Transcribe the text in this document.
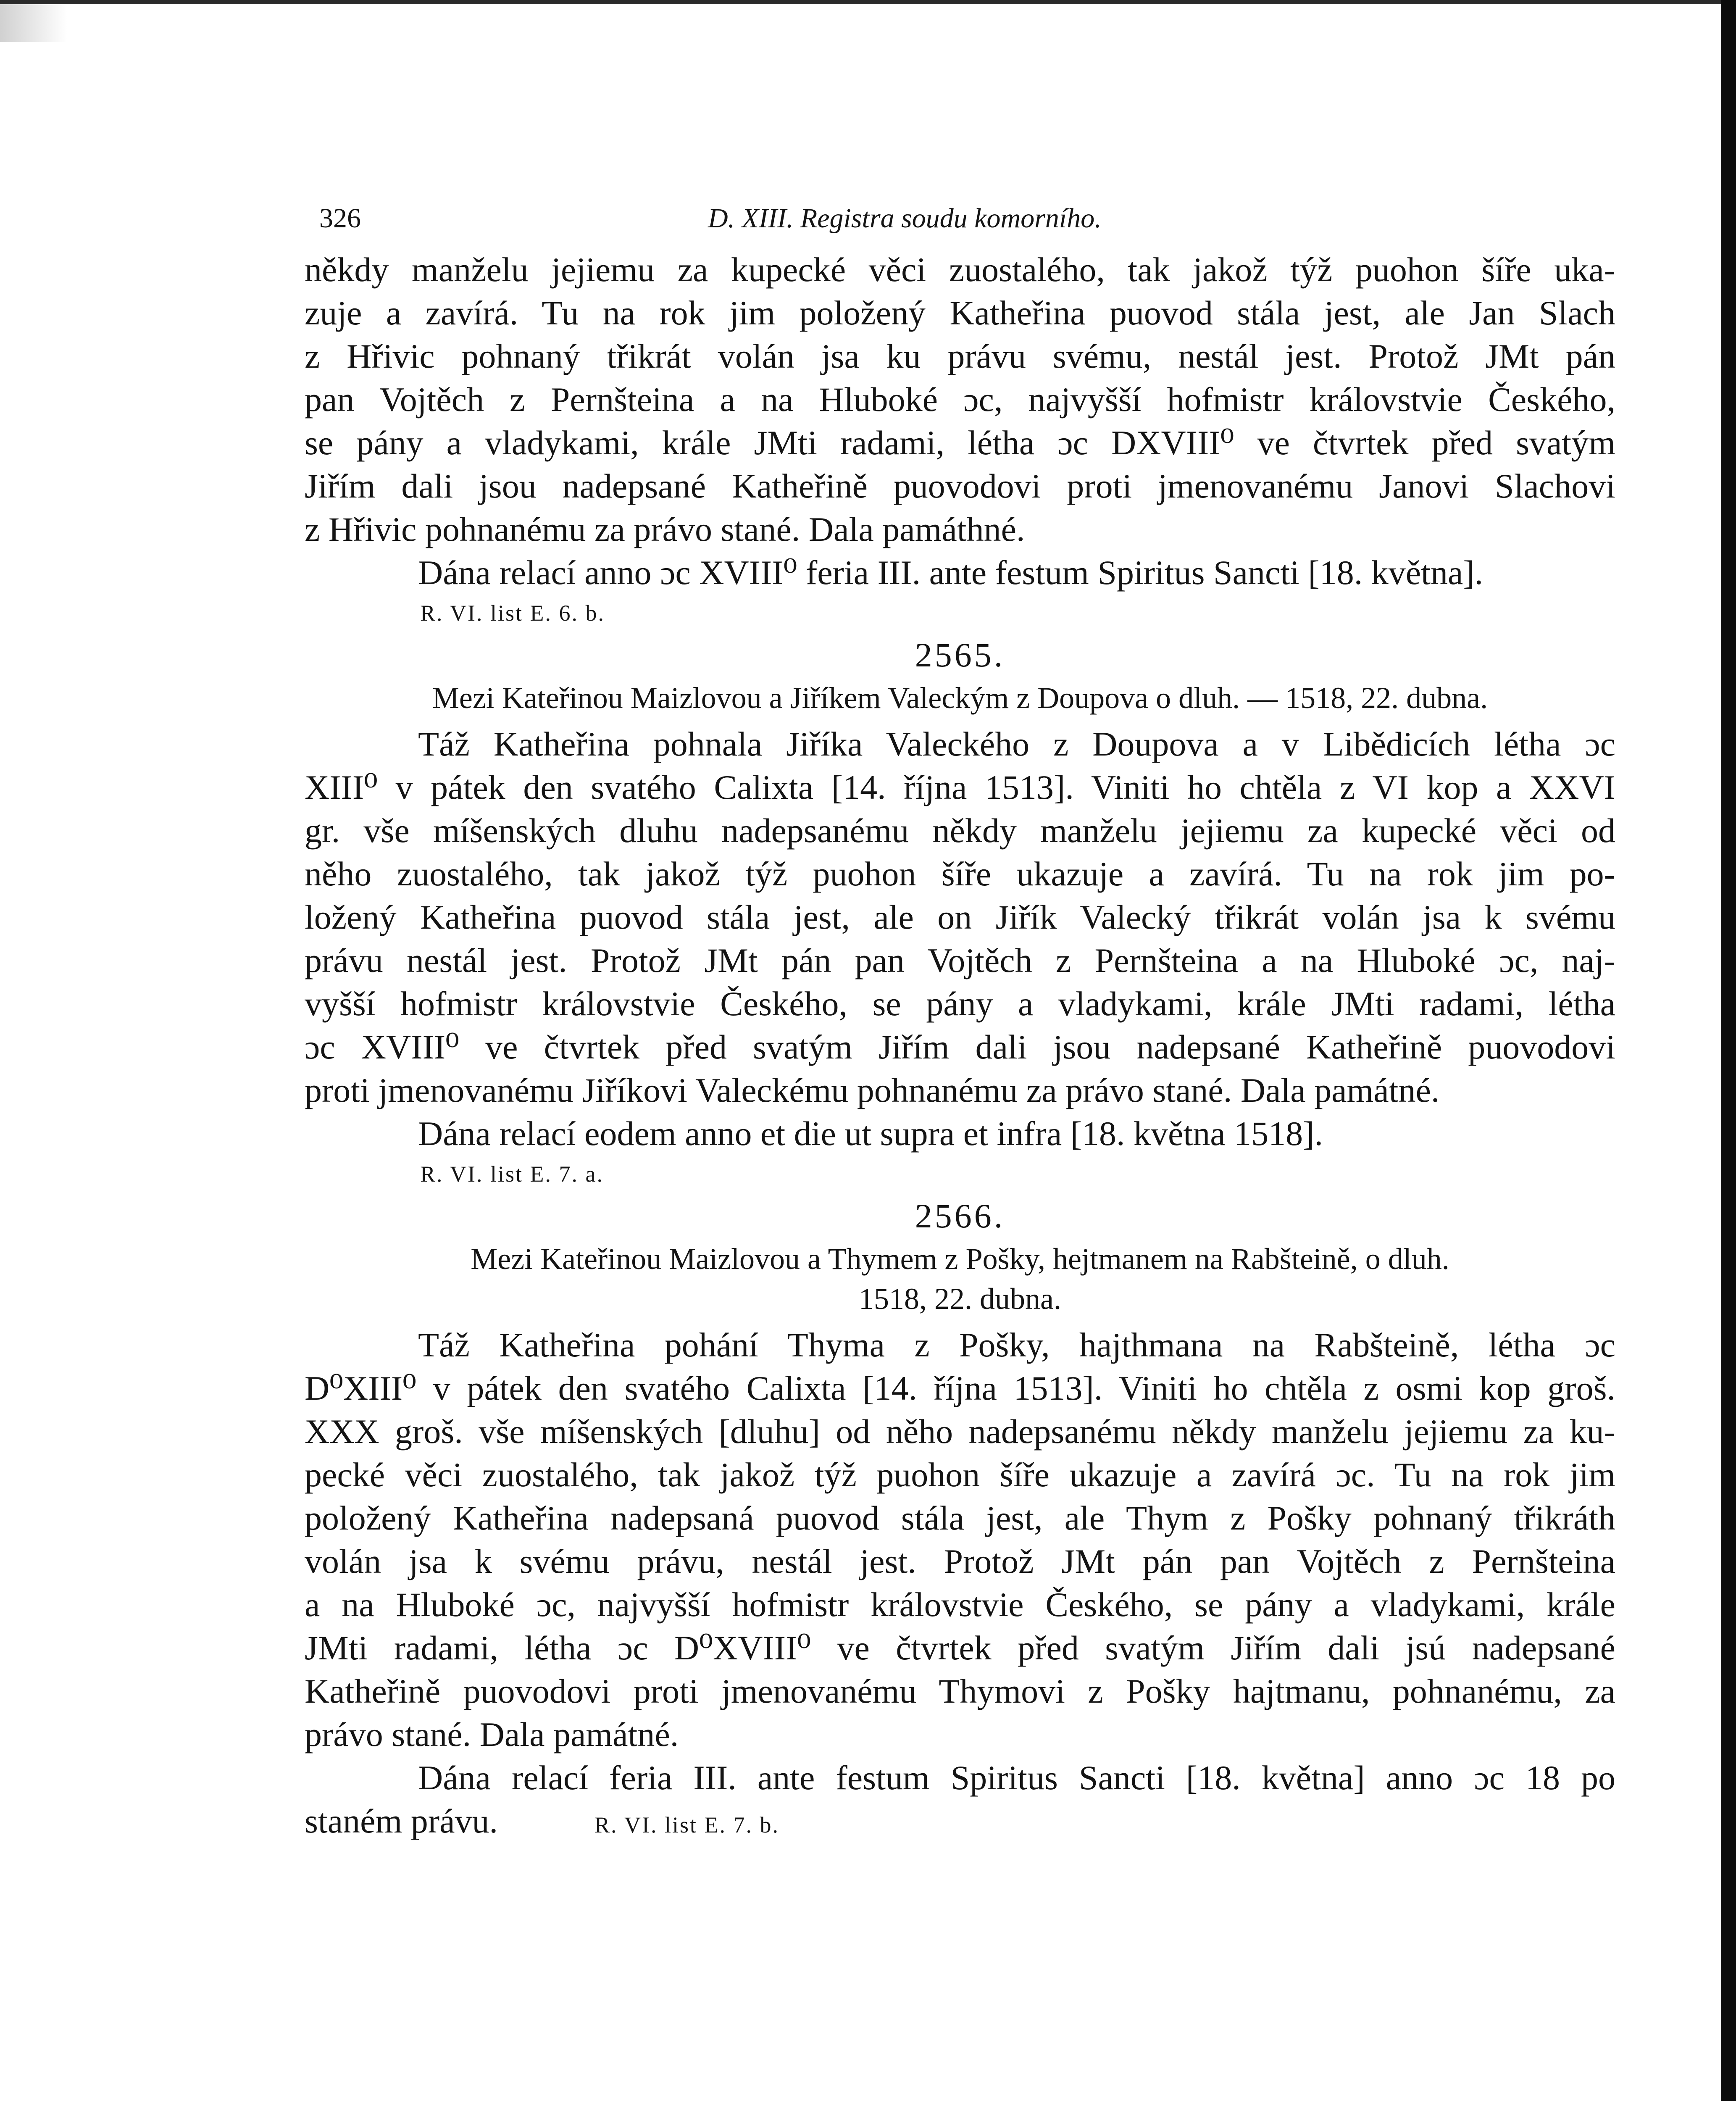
326	D. XIII. Registra soudu komorního.
někdy manželu jejiemu za kupecké věci zuostalého, tak jakož týž puohon šíře uka-
zuje a zavírá. Tu na rok jim položený Katheřina puovod stála jest, ale Jan Slach
z Hřivic pohnaný třikrát volán jsa ku právu svému, nestál jest. Protož JMt pán
pan Vojtěch z Pernšteina a na Hluboké ɔc, najvyšší hofmistr královstvie Českého,
se pány a vladykami, krále JMti radami, létha ɔc DXVIII⁰ ve čtvrtek před svatým
Jiřím dali jsou nadepsané Katheřině puovodovi proti jmenovanému Janovi Slachovi
z Hřivic pohnanému za právo stané. Dala památhné.
Dána relací anno ɔc XVIII⁰ feria III. ante festum Spiritus Sancti [18. května].
R. VI. list E. 6. b.
2565.
Mezi Kateřinou Maizlovou a Jiříkem Valeckým z Doupova o dluh. — 1518, 22. dubna.
Táž Katheřina pohnala Jiříka Valeckého z Doupova a v Libědicích létha ɔc
XIII⁰ v pátek den svatého Calixta [14. října 1513]. Viniti ho chtěla z VI kop a XXVI
gr. vše míšenských dluhu nadepsanému někdy manželu jejiemu za kupecké věci od
něho zuostalého, tak jakož týž puohon šíře ukazuje a zavírá. Tu na rok jim po-
ložený Katheřina puovod stála jest, ale on Jiřík Valecký třikrát volán jsa k svému
právu nestál jest. Protož JMt pán pan Vojtěch z Pernšteina a na Hluboké ɔc, naj-
vyšší hofmistr královstvie Českého, se pány a vladykami, krále JMti radami, létha
ɔc XVIII⁰ ve čtvrtek před svatým Jiřím dali jsou nadepsané Katheřině puovodovi
proti jmenovanému Jiříkovi Valeckému pohnanému za právo stané. Dala památné.
Dána relací eodem anno et die ut supra et infra [18. května 1518].
R. VI. list E. 7. a.
2566.
Mezi Kateřinou Maizlovou a Thymem z Pošky, hejtmanem na Rabšteině, o dluh.
1518, 22. dubna.
Táž Katheřina pohání Thyma z Pošky, hajthmana na Rabšteině, létha ɔc
D⁰XIII⁰ v pátek den svatého Calixta [14. října 1513]. Viniti ho chtěla z osmi kop groš.
XXX groš. vše míšenských [dluhu] od něho nadepsanému někdy manželu jejiemu za ku-
pecké věci zuostalého, tak jakož týž puohon šíře ukazuje a zavírá ɔc. Tu na rok jim
položený Katheřina nadepsaná puovod stála jest, ale Thym z Pošky pohnaný třikráth
volán jsa k svému právu, nestál jest. Protož JMt pán pan Vojtěch z Pernšteina
a na Hluboké ɔc, najvyšší hofmistr královstvie Českého, se pány a vladykami, krále
JMti radami, létha ɔc D⁰XVIII⁰ ve čtvrtek před svatým Jiřím dali jsú nadepsané
Katheřině puovodovi proti jmenovanému Thymovi z Pošky hajtmanu, pohnanému, za
právo stané. Dala památné.
Dána relací feria III. ante festum Spiritus Sancti [18. května] anno ɔc 18 po
staném právu.	R. VI. list E. 7. b.
